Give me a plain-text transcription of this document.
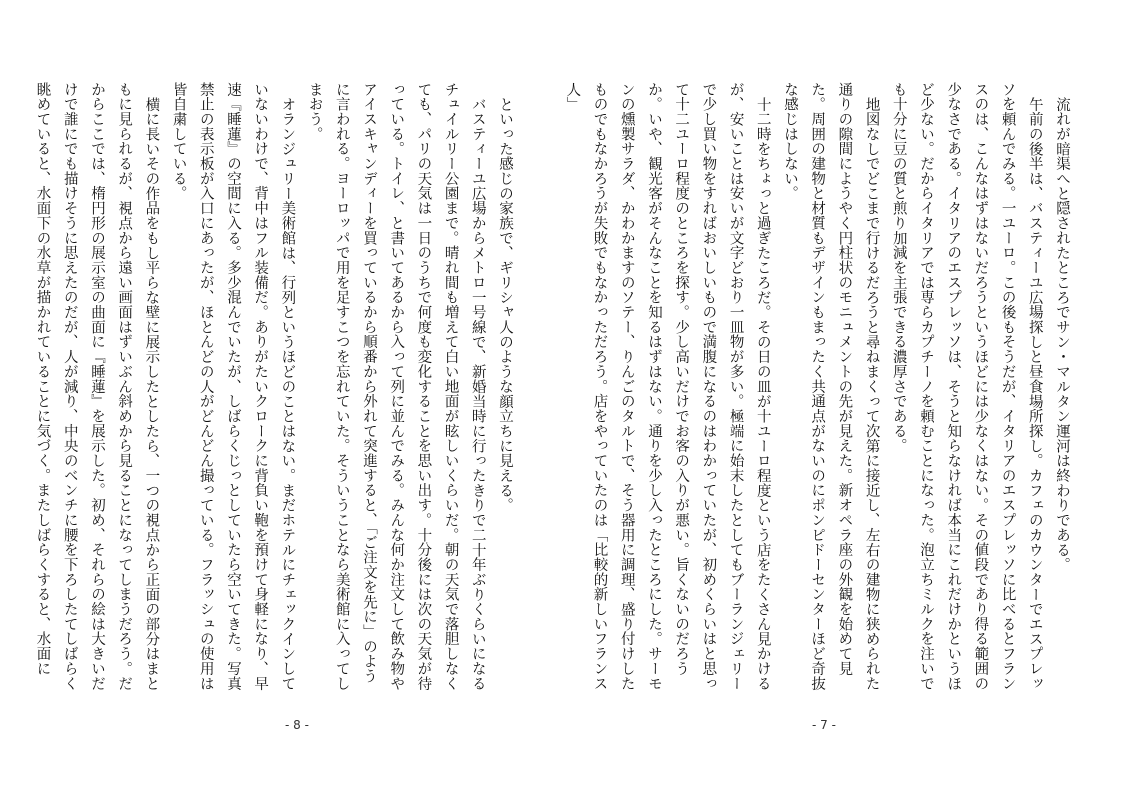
といった感じの家族で、ギリシャ人のような顔立ちに見える。

バスティーユ広場からメトロ一号線で、新婚当時に行ったきりで二十年ぶりくらいになるチュイルリー公園まで。晴れ間も増えて白い地面が眩しいくらいだ。朝の天気で落胆しなくても、パリの天気は一日のうちで何度も変化することを思い出す。十分後には次の天気が待っている。トイレ、と書いてあるから入って列に並んでみる。みんな何か注文して飲み物やアイスキャンディーを買っているから順番から外れて突進すると、「ご注文を先に」のように言われる。ヨーロッパで用を足すこつを忘れていた。そういうことなら美術館に入ってしまおう。

オランジュリー美術館は、行列というほどのことはない。まだホテルにチェックインしていないわけで、背中はフル装備だ。ありがたいクロークに背負い鞄を預けて身軽になり、早速『睡蓮』の空間に入る。多少混んでいたが、しばらくじっとしていたら空いてきた。写真禁止の表示板が入口にあったが、ほとんどの人がどんどん撮っている。フラッシュの使用は皆自粛している。

横に長いその作品をもし平らな壁に展示したとしたら、一つの視点から正面の部分はまともに見られるが、視点から遠い画面はずいぶん斜めから見ることになってしまうだろう。だからここでは、楕円形の展示室の曲面に『睡蓮』を展示した。初め、それらの絵は大きいだけで誰にでも描けそうに思えたのだが、人が減り、中央のベンチに腰を下ろしたてしばらく眺めていると、水面下の水草が描かれていることに気づく。またしばらくすると、水面に

- 8 -

流れが暗渠へと隠されたところでサン・マルタン運河は終わりである。

午前の後半は、バスティーユ広場探しと昼食場所探し。カフェのカウンターでエスプレッソを頼んでみる。一ユーロ。この後もそうだが、イタリアのエスプレッソに比べるとフランスのは、こんなはずはないだろうというほどには少なくはない。その値段であり得る範囲の少なさである。イタリアのエスプレッソは、そうと知らなければ本当にこれだけかというほど少ない。だからイタリアでは専らカプチーノを頼むことになった。泡立ちミルクを注いでも十分に豆の質と煎り加減を主張できる濃厚さである。

地図なしでどこまで行けるだろうと尋ねまくって次第に接近し、左右の建物に狭められた通りの隙間にようやく円柱状のモニュメントの先が見えた。新オペラ座の外観を始めて見た。周囲の建物と材質もデザインもまったく共通点がないのにポンピドーセンターほど奇抜な感じはしない。

十二時をちょっと過ぎたころだ。その日の皿が十ユーロ程度という店をたくさん見かけるが、安いことは安いが文字どおり一皿物が多い。極端に始末したとしてもブーランジェリーで少し買い物をすればおいしいもので満腹になるのはわかっていたが、初めくらいはと思って十二ユーロ程度のところを探す。少し高いだけでお客の入りが悪い。旨くないのだろうか。いや、観光客がそんなことを知るはずはない。通りを少し入ったところにした。サーモンの燻製サラダ、かわかますのソテー、りんごのタルトで、そう器用に調理、盛り付けしたものでもなかろうが失敗でもなかっただろう。店をやっていたのは「比較的新しいフランス人」

- 7 -
